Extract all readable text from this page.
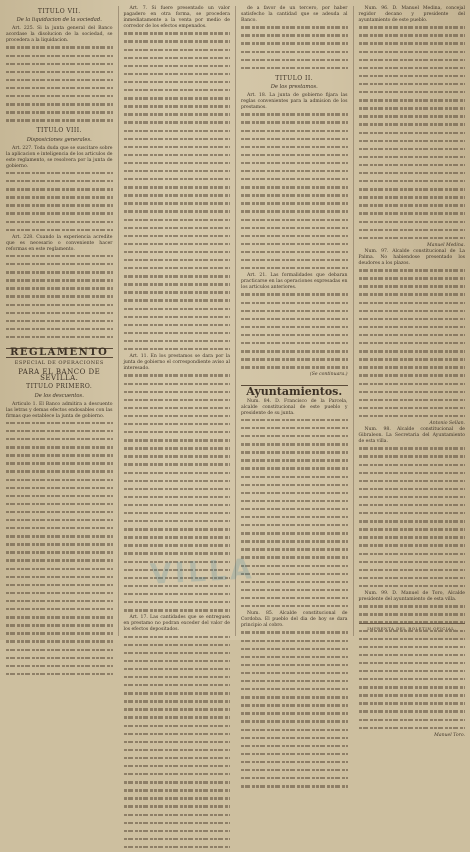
TITULO VII.
De la liquidacion de la sociedad.

Art. 225. Si la junta general del Banco acordase la disolucion de la sociedad, se procedera a la liquidacion.

TITULO VIII.
Disposiciones generales.

Art. 227. Toda duda que se suscitare sobre la aplicacion e inteligencia de los articulos de este reglamento, se resolvera por la junta de gobierno.

Art. 228. Cuando la experiencia acredite que es necesario o conveniente hacer reformas en este reglamento.

REGLAMENTO
ESPECIAL DE OPERACIONES
PARA EL BANCO DE SEVILLA.
TITULO PRIMERO.
De los descuentos.

Articulo 1. El Banco admitira a descuento las letras y demas efectos endosables con las firmas que establece la junta de gobierno.

Art. 7. Si fuere presentado un valor pagadero en otra forma, se procedera inmediatamente a la venta por medio de corredor de los efectos empenados.

Art. 11. En los prestamos se dara por la junta de gobierno el correspondiente aviso al interesado.

Art. 17. Las cantidades que se entreguen en prestamo no podran exceder del valor de los efectos depositados.

de a favor de un tercero, por haber satisfecho la cantidad que se adeuda al Banco.

TITULO II.
De los prestamos.

Art. 18. La junta de gobierno fijara las reglas convenientes para la admision de los prestamos.

Art. 21. Las formalidades que debaran practicarse en las operaciones expresadas en los articulos anteriores.

(Se continuara.)
Ayuntamientos.

Num. 84. D. Francisco de la Parcela, alcalde constitucional de este pueblo y presidente de su junta.

Num. 85. Alcalde constitucional de Cordoba. El pueblo del dia de hoy se dara principio al cobro.

Num. 96. D. Manuel Medina, concejal regidor decano y presidente del ayuntamiento de este pueblo.

Manuel Medina.

Num. 97. Alcalde constitucional de La Palma. No habiendose presentado los deudores a los plazos.

Antonio Sellan.

Num. 98. Alcalde constitucional de Gibraleon. La Secretaria del Ayuntamiento de esta villa.

Num. 99. D. Manuel de Toro, Alcalde presidente del ayuntamiento de esta villa.

Manuel Toro.
IMPRENTA DEL BOLETIN OFICIAL.
VILLA
